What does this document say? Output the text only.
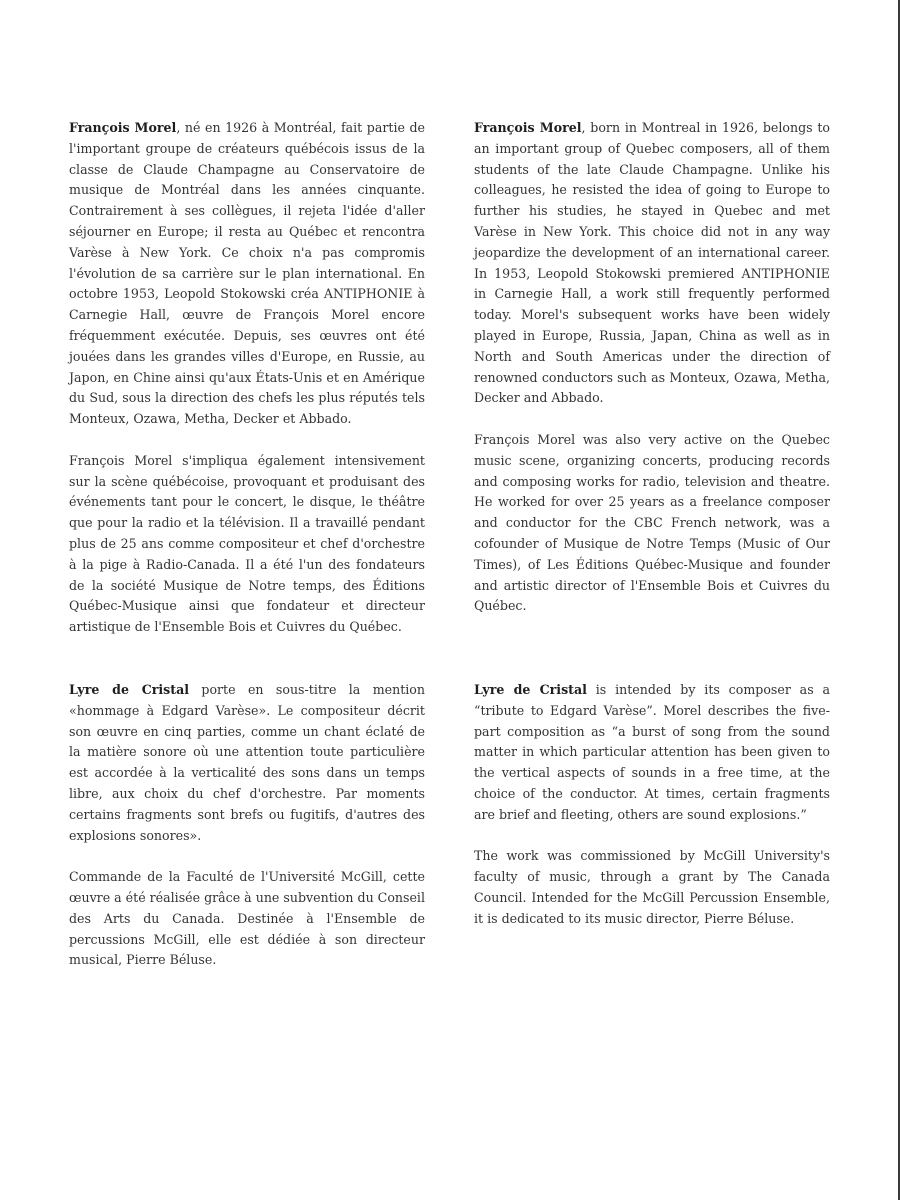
François Morel, né en 1926 à Montréal, fait partie de l'important groupe de créateurs québécois issus de la classe de Claude Champagne au Conservatoire de musique de Montréal dans les années cinquante. Contrairement à ses collègues, il rejeta l'idée d'aller séjourner en Europe; il resta au Québec et rencontra Varèse à New York. Ce choix n'a pas compromis l'évolution de sa carrière sur le plan international. En octobre 1953, Leopold Stokowski créa ANTIPHONIE à Carnegie Hall, œuvre de François Morel encore fréquemment exécutée. Depuis, ses œuvres ont été jouées dans les grandes villes d'Europe, en Russie, au Japon, en Chine ainsi qu'aux États-Unis et en Amérique du Sud, sous la direction des chefs les plus réputés tels Monteux, Ozawa, Metha, Decker et Abbado.

François Morel s'impliqua également intensivement sur la scène québécoise, provoquant et produisant des événements tant pour le concert, le disque, le théâtre que pour la radio et la télévision. Il a travaillé pendant plus de 25 ans comme compositeur et chef d'orchestre à la pige à Radio-Canada. Il a été l'un des fondateurs de la société Musique de Notre temps, des Éditions Québec-Musique ainsi que fondateur et directeur artistique de l'Ensemble Bois et Cuivres du Québec.

François Morel, born in Montreal in 1926, belongs to an important group of Quebec composers, all of them students of the late Claude Champagne. Unlike his colleagues, he resisted the idea of going to Europe to further his studies, he stayed in Quebec and met Varèse in New York. This choice did not in any way jeopardize the development of an international career. In 1953, Leopold Stokowski premiered ANTIPHONIE in Carnegie Hall, a work still frequently performed today. Morel's subsequent works have been widely played in Europe, Russia, Japan, China as well as in North and South Americas under the direction of renowned conductors such as Monteux, Ozawa, Metha, Decker and Abbado.

François Morel was also very active on the Quebec music scene, organizing concerts, producing records and composing works for radio, television and theatre. He worked for over 25 years as a freelance composer and conductor for the CBC French network, was a cofounder of Musique de Notre Temps (Music of Our Times), of Les Éditions Québec-Musique and founder and artistic director of l'Ensemble Bois et Cuivres du Québec.

Lyre de Cristal porte en sous-titre la mention «hommage à Edgard Varèse». Le compositeur décrit son œuvre en cinq parties, comme un chant éclaté de la matière sonore où une attention toute particulière est accordée à la verticalité des sons dans un temps libre, aux choix du chef d'orchestre. Par moments certains fragments sont brefs ou fugitifs, d'autres des explosions sonores».

Commande de la Faculté de l'Université McGill, cette œuvre a été réalisée grâce à une subvention du Conseil des Arts du Canada. Destinée à l'Ensemble de percussions McGill, elle est dédiée à son directeur musical, Pierre Béluse.

Lyre de Cristal is intended by its composer as a “tribute to Edgard Varèse”. Morel describes the five-part composition as “a burst of song from the sound matter in which particular attention has been given to the vertical aspects of sounds in a free time, at the choice of the conductor. At times, certain fragments are brief and fleeting, others are sound explosions.”

The work was commissioned by McGill University's faculty of music, through a grant by The Canada Council. Intended for the McGill Percussion Ensemble, it is dedicated to its music director, Pierre Béluse.
